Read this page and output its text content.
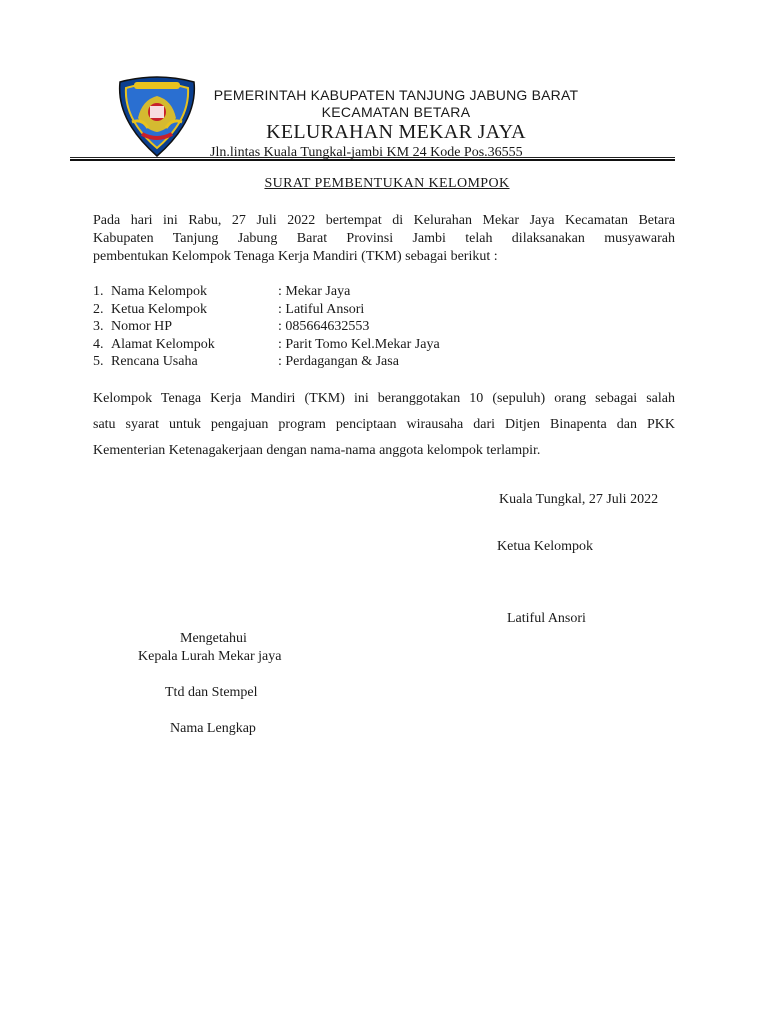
PEMERINTAH KABUPATEN TANJUNG JABUNG BARAT
KECAMATAN BETARA
KELURAHAN MEKAR JAYA
Jln.lintas Kuala Tungkal-jambi KM 24 Kode Pos.36555
SURAT PEMBENTUKAN KELOMPOK
Pada hari ini Rabu, 27 Juli 2022 bertempat di Kelurahan Mekar Jaya Kecamatan Betara
Kabupaten Tanjung Jabung Barat Provinsi Jambi telah dilaksanakan musyawarah
pembentukan Kelompok Tenaga Kerja Mandiri (TKM) sebagai berikut :
1. Nama Kelompok	: Mekar Jaya
2. Ketua Kelompok	: Latiful Ansori
3. Nomor HP	: 085664632553
4. Alamat Kelompok	: Parit Tomo Kel.Mekar Jaya
5. Rencana Usaha	: Perdagangan & Jasa
Kelompok Tenaga Kerja Mandiri (TKM) ini beranggotakan 10 (sepuluh) orang sebagai salah
satu syarat untuk pengajuan program penciptaan wirausaha dari Ditjen Binapenta dan PKK
Kementerian Ketenagakerjaan dengan nama-nama anggota kelompok terlampir.
Kuala Tungkal, 27 Juli 2022
Ketua Kelompok
Latiful Ansori
Mengetahui
Kepala Lurah Mekar jaya
Ttd dan Stempel
Nama Lengkap
